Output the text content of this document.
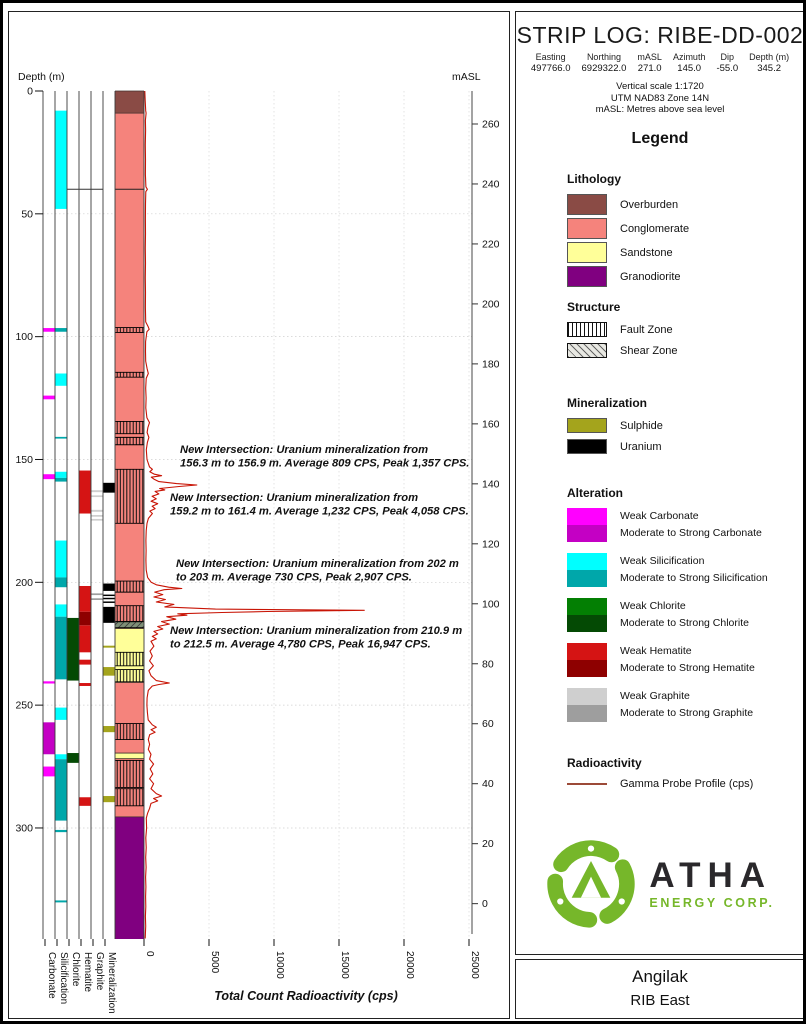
Carbonate Silicification Chlorite Hematite Graphite Mineralization
0
50
100
150
200
250
300
Depth (m)
260
240
220
200
180
160
140
120
100
80
60
40
20
0
mASL
0	5000	10000	15000	20000	25000
Total Count Radioactivity (cps)
New Intersection: Uranium mineralization from
156.3 m to 156.9 m. Average 809 CPS, Peak 1,357 CPS.
New Intersection: Uranium mineralization from
159.2 m to 161.4 m. Average 1,232 CPS, Peak 4,058 CPS.
New Intersection: Uranium mineralization from 202 m
to 203 m. Average 730 CPS, Peak 2,907 CPS.
New Intersection: Uranium mineralization from 210.9 m
to 212.5 m. Average 4,780 CPS, Peak 16,947 CPS.
STRIP LOG: RIBE-DD-002
Easting
497766.0
Northing
6929322.0
mASL
271.0
Azimuth
145.0
Dip
-55.0
Depth (m)
345.2
Vertical scale 1:1720
UTM NAD83 Zone 14N
mASL: Metres above sea level
Legend
Lithology
Overburden
Conglomerate
Sandstone
Granodiorite
Structure
Fault Zone
Shear Zone
Mineralization
Sulphide
Uranium
Alteration
Weak Carbonate
Moderate to Strong Carbonate
Weak Silicification
Moderate to Strong Silicification
Weak Chlorite
Moderate to Strong Chlorite
Weak Hematite
Moderate to Strong Hematite
Weak Graphite
Moderate to Strong Graphite
Radioactivity
Gamma Probe Profile (cps)
ATHA
ENERGY CORP.
Angilak
RIB East
